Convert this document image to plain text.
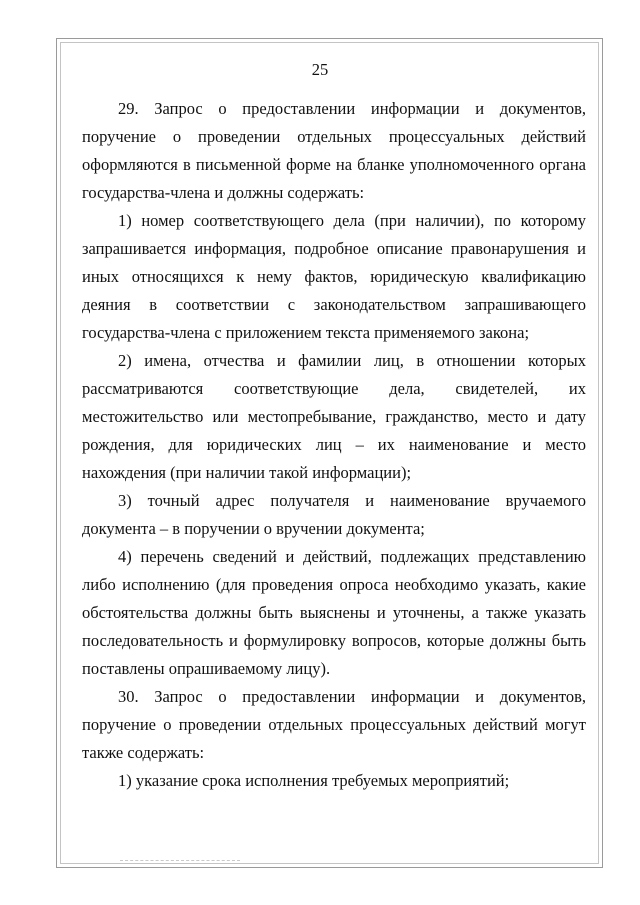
25

29. Запрос о предоставлении информации и документов, поручение о проведении отдельных процессуальных действий оформляются в письменной форме на бланке уполномоченного органа государства-члена и должны содержать:

1) номер соответствующего дела (при наличии), по которому запрашивается информация, подробное описание правонарушения и иных относящихся к нему фактов, юридическую квалификацию деяния в соответствии с законодательством запрашивающего государства-члена с приложением текста применяемого закона;

2) имена, отчества и фамилии лиц, в отношении которых рассматриваются соответствующие дела, свидетелей, их местожительство или местопребывание, гражданство, место и дату рождения, для юридических лиц – их наименование и место нахождения (при наличии такой информации);

3) точный адрес получателя и наименование вручаемого документа – в поручении о вручении документа;

4) перечень сведений и действий, подлежащих представлению либо исполнению (для проведения опроса необходимо указать, какие обстоятельства должны быть выяснены и уточнены, а также указать последовательность и формулировку вопросов, которые должны быть поставлены опрашиваемому лицу).

30. Запрос о предоставлении информации и документов, поручение о проведении отдельных процессуальных действий могут также содержать:

1) указание срока исполнения требуемых мероприятий;
